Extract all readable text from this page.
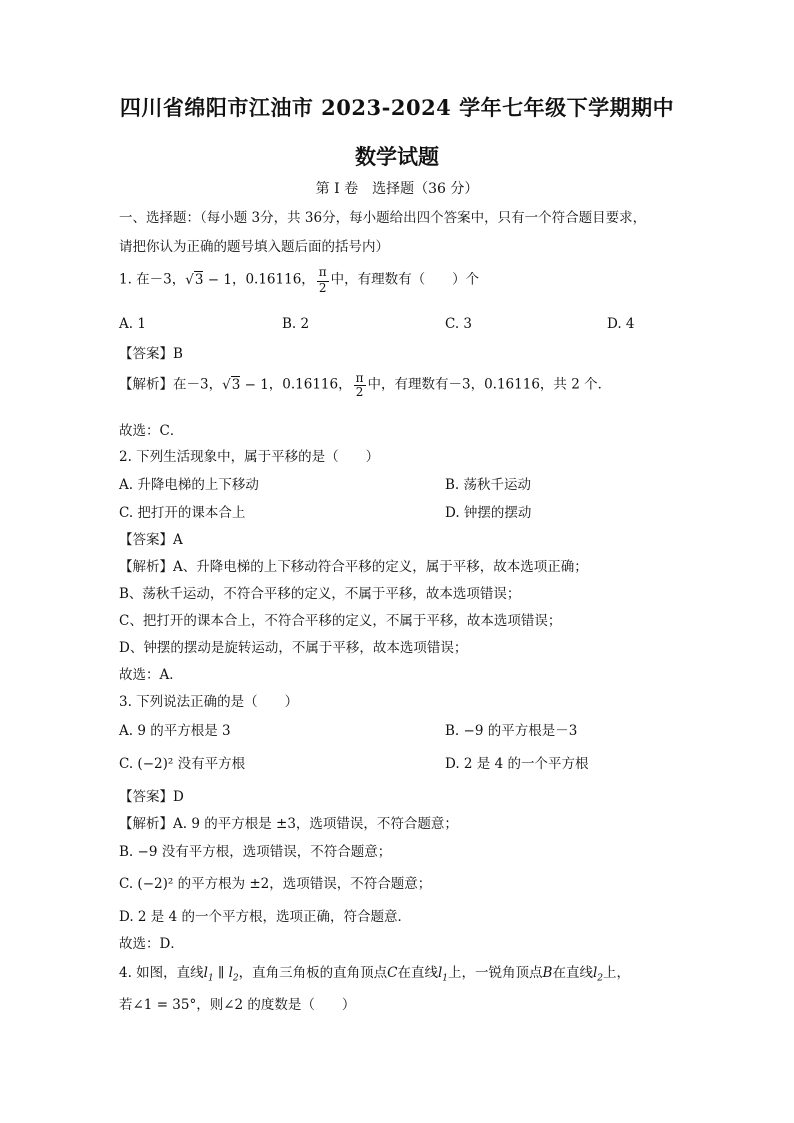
四川省绵阳市江油市 2023-2024 学年七年级下学期期中
数学试题
第 I 卷　选择题（36 分）
一、选择题：（每小题 3分，共 36分，每小题给出四个答案中，只有一个符合题目要求，
请把你认为正确的题号填入题后面的括号内）
1. 在－3，√3 − 1，0.16116， $\frac{\pi}{2}$ 中，有理数有（　　）个
A. 1	B. 2	C. 3	D. 4
【答案】B
【解析】在－3，√3 − 1，0.16116， $\frac{\pi}{2}$ 中，有理数有－3，0.16116，共 2 个．
故选：C．
2. 下列生活现象中，属于平移的是（　　）
A. 升降电梯的上下移动	B. 荡秋千运动
C. 把打开的课本合上	D. 钟摆的摆动
【答案】A
【解析】A、升降电梯的上下移动符合平移的定义，属于平移，故本选项正确；
B、荡秋千运动，不符合平移的定义，不属于平移，故本选项错误；
C、把打开的课本合上，不符合平移的定义，不属于平移，故本选项错误；
D、钟摆的摆动是旋转运动，不属于平移，故本选项错误；
故选：A．
3. 下列说法正确的是（　　）
A. 9 的平方根是 3	B. −9 的平方根是－3
C. (−2)² 没有平方根	D. 2 是 4 的一个平方根
【答案】D
【解析】A. 9 的平方根是 ±3，选项错误，不符合题意；
B. −9 没有平方根，选项错误，不符合题意；
C. (−2)² 的平方根为 ±2，选项错误，不符合题意；
D. 2 是 4 的一个平方根，选项正确，符合题意．
故选：D．
4. 如图，直线$l_1$ ∥ $l_2$，直角三角板的直角顶点C在直线$l_1$上，一锐角顶点B在直线$l_2$上，
若∠1 = 35°，则∠2 的度数是（　　）
